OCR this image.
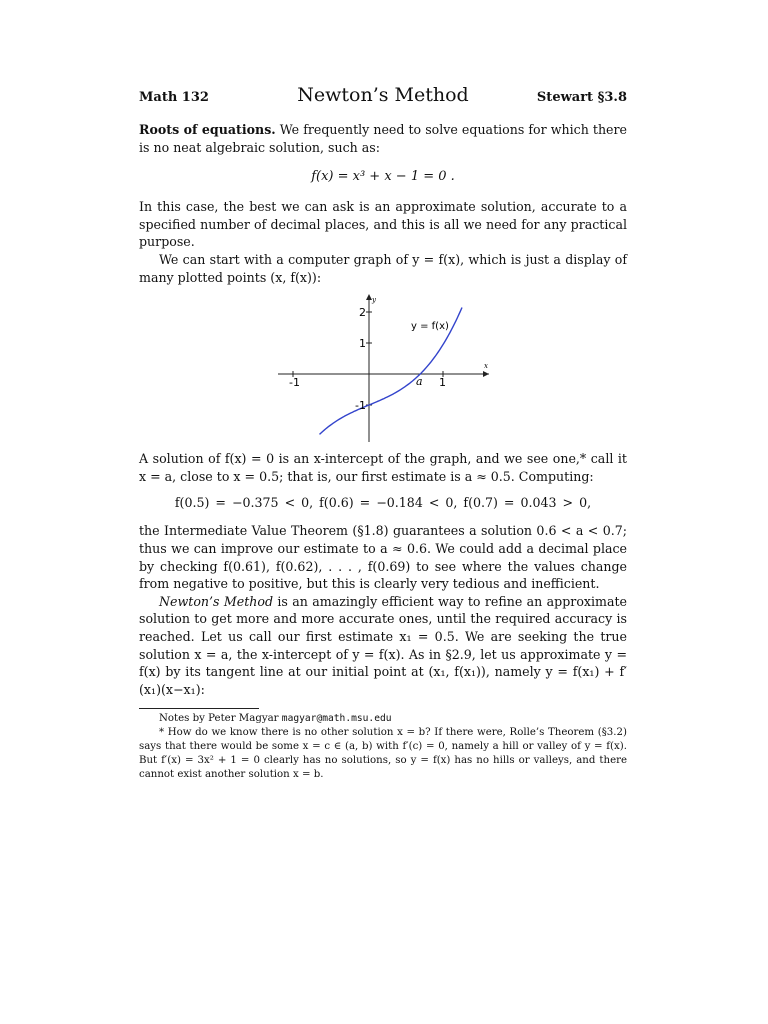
Math 132	Newton’s Method	Stewart §3.8

Roots of equations. We frequently need to solve equations for which there is no neat algebraic solution, such as:

f(x) = x³ + x − 1 = 0 .

In this case, the best we can ask is an approximate solution, accurate to a specified number of decimal places, and this is all we need for any practical purpose.

We can start with a computer graph of y = f(x), which is just a display of many plotted points (x, f(x)):

x
y
-1	1
2
1
-1
a
y = f(x)

A solution of f(x) = 0 is an x-intercept of the graph, and we see one,* call it x = a, close to x = 0.5; that is, our first estimate is a ≈ 0.5. Computing:

f(0.5) = −0.375 < 0, f(0.6) = −0.184 < 0, f(0.7) = 0.043 > 0,

the Intermediate Value Theorem (§1.8) guarantees a solution 0.6 < a < 0.7; thus we can improve our estimate to a ≈ 0.6. We could add a decimal place by checking f(0.61), f(0.62), . . . , f(0.69) to see where the values change from negative to positive, but this is clearly very tedious and inefficient.

Newton’s Method is an amazingly efficient way to refine an approximate solution to get more and more accurate ones, until the required accuracy is reached. Let us call our first estimate x₁ = 0.5. We are seeking the true solution x = a, the x-intercept of y = f(x). As in §2.9, let us approximate y = f(x) by its tangent line at our initial point at (x₁, f(x₁)), namely y = f(x₁) + f′(x₁)(x−x₁):

Notes by Peter Magyar magyar@math.msu.edu
* How do we know there is no other solution x = b? If there were, Rolle’s Theorem (§3.2) says that there would be some x = c ∈ (a, b) with f′(c) = 0, namely a hill or valley of y = f(x). But f′(x) = 3x² + 1 = 0 clearly has no solutions, so y = f(x) has no hills or valleys, and there cannot exist another solution x = b.
